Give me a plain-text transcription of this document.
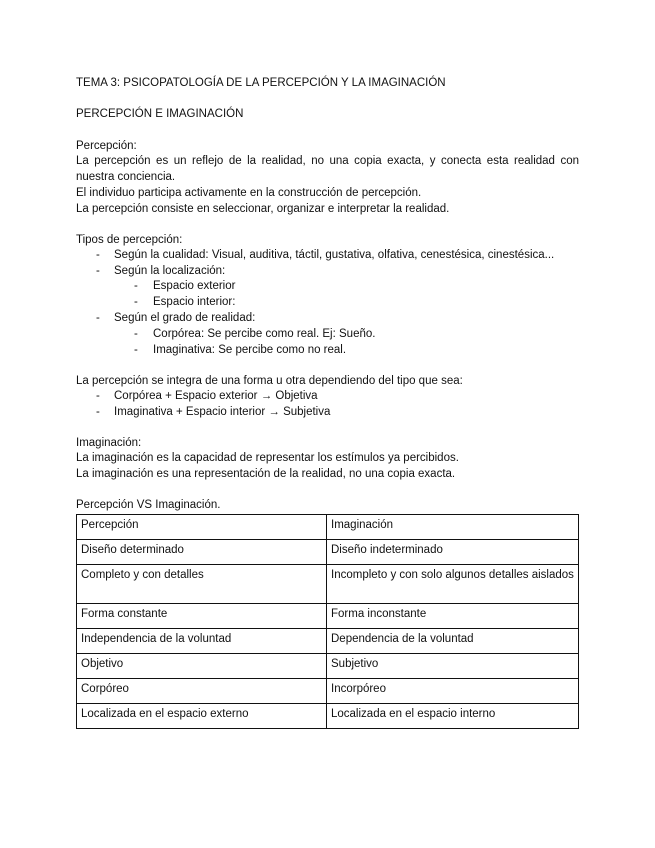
TEMA 3: PSICOPATOLOGÍA DE LA PERCEPCIÓN Y LA IMAGINACIÓN
PERCEPCIÓN E IMAGINACIÓN
Percepción:
La percepción es un reflejo de la realidad, no una copia exacta, y conecta esta realidad con
nuestra conciencia.
El individuo participa activamente en la construcción de percepción.
La percepción consiste en seleccionar, organizar e interpretar la realidad.
Tipos de percepción:
- Según la cualidad: Visual, auditiva, táctil, gustativa, olfativa, cenestésica, cinestésica...
- Según la localización:
- Espacio exterior
- Espacio interior:
- Según el grado de realidad:
- Corpórea: Se percibe como real. Ej: Sueño.
- Imaginativa: Se percibe como no real.
La percepción se integra de una forma u otra dependiendo del tipo que sea:
- Corpórea + Espacio exterior → Objetiva
- Imaginativa + Espacio interior → Subjetiva
Imaginación:
La imaginación es la capacidad de representar los estímulos ya percibidos.
La imaginación es una representación de la realidad, no una copia exacta.
Percepción VS Imaginación.
Percepción	Imaginación
Diseño determinado	Diseño indeterminado
Completo y con detalles	Incompleto y con solo algunos detalles aislados
Forma constante	Forma inconstante
Independencia de la voluntad	Dependencia de la voluntad
Objetivo	Subjetivo
Corpóreo	Incorpóreo
Localizada en el espacio externo	Localizada en el espacio interno
